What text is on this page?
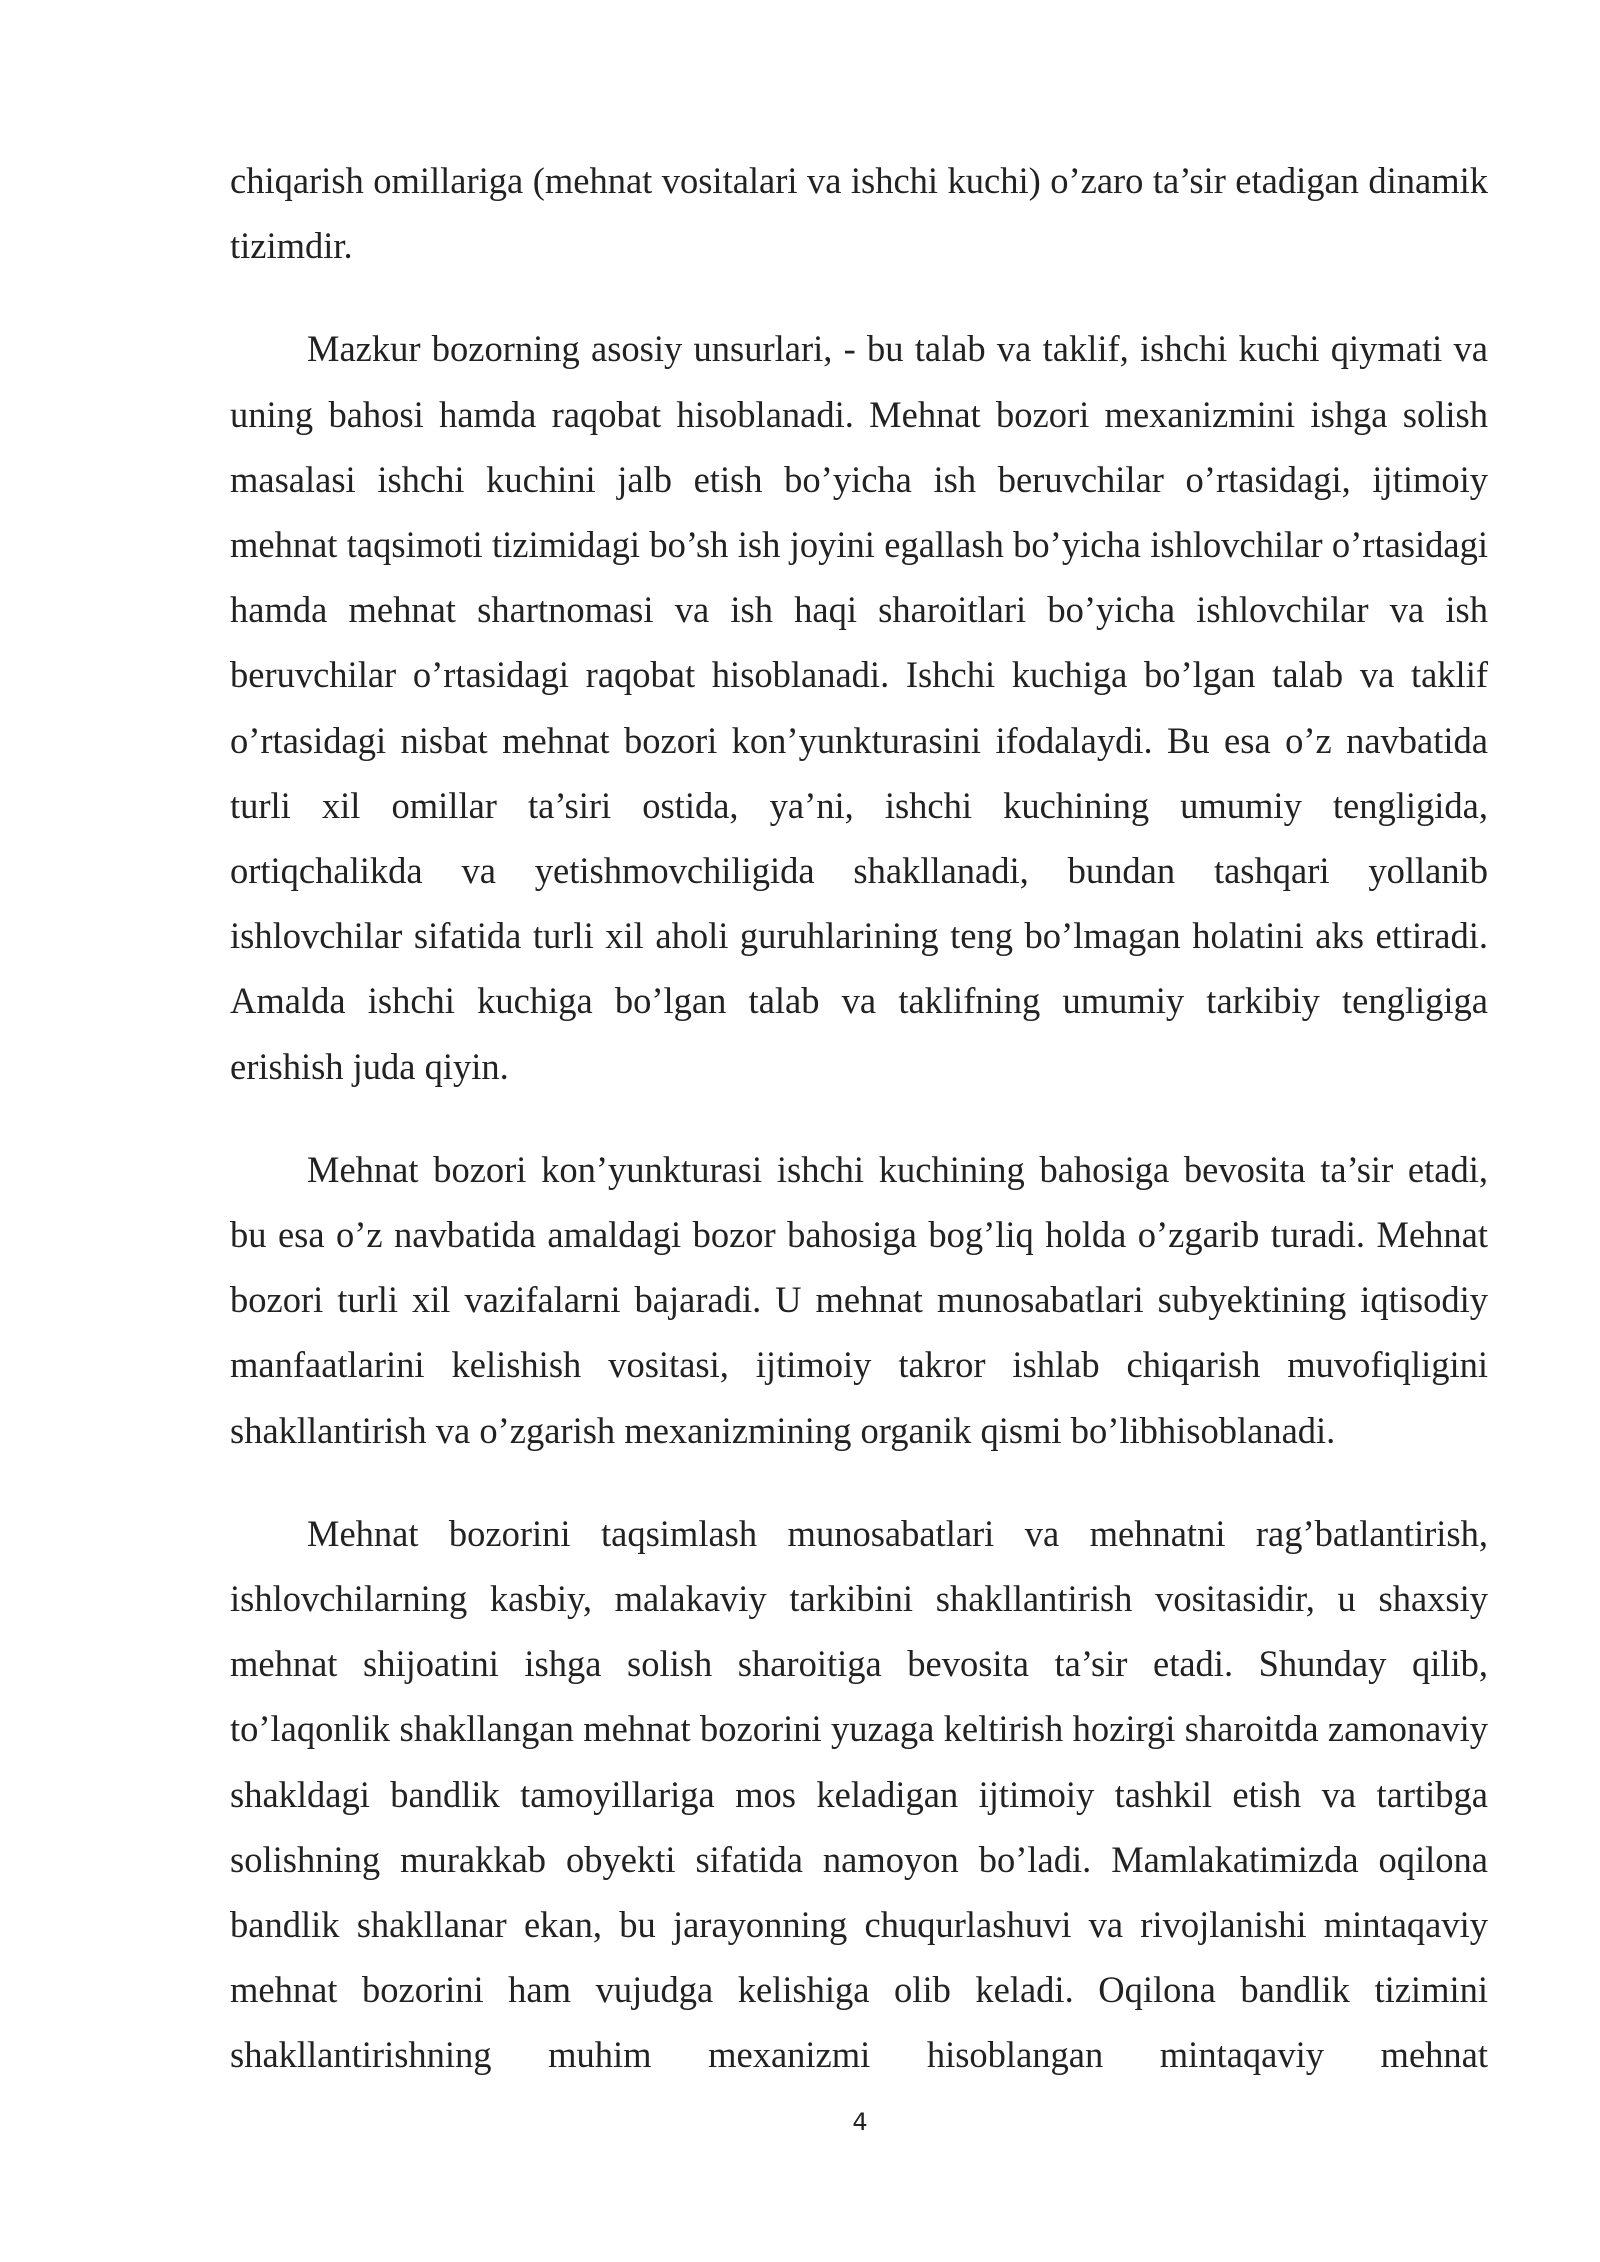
chiqarish omillariga (mehnat vositalari va ishchi kuchi) o’zaro ta’sir etadigan dinamik tizimdir.

Mazkur bozorning asosiy unsurlari, - bu talab va taklif, ishchi kuchi qiymati va uning bahosi hamda raqobat hisoblanadi. Mehnat bozori mexanizmini ishga solish masalasi ishchi kuchini jalb etish bo’yicha ish beruvchilar o’rtasidagi, ijtimoiy mehnat taqsimoti tizimidagi bo’sh ish joyini egallash bo’yicha ishlovchilar o’rtasidagi hamda mehnat shartnomasi va ish haqi sharoitlari bo’yicha ishlovchilar va ish beruvchilar o’rtasidagi raqobat hisoblanadi. Ishchi kuchiga bo’lgan talab va taklif o’rtasidagi nisbat mehnat bozori kon’yunkturasini ifodalaydi. Bu esa o’z navbatida turli xil omillar ta’siri ostida, ya’ni, ishchi kuchining umumiy tengligida, ortiqchalikda va yetishmovchiligida shakllanadi, bundan tashqari yollanib ishlovchilar sifatida turli xil aholi guruhlarining teng bo’lmagan holatini aks ettiradi. Amalda ishchi kuchiga bo’lgan talab va taklifning umumiy tarkibiy tengligiga erishish juda qiyin.

Mehnat bozori kon’yunkturasi ishchi kuchining bahosiga bevosita ta’sir etadi, bu esa o’z navbatida amaldagi bozor bahosiga bog’liq holda o’zgarib turadi. Mehnat bozori turli xil vazifalarni bajaradi. U mehnat munosabatlari subyektining iqtisodiy manfaatlarini kelishish vositasi, ijtimoiy takror ishlab chiqarish muvofiqligini shakllantirish va o’zgarish mexanizmining organik qismi bo’libhisoblanadi.

Mehnat bozorini taqsimlash munosabatlari va mehnatni rag’batlantirish, ishlovchilarning kasbiy, malakaviy tarkibini shakllantirish vositasidir, u shaxsiy mehnat shijoatini ishga solish sharoitiga bevosita ta’sir etadi. Shunday qilib, to’laqonlik shakllangan mehnat bozorini yuzaga keltirish hozirgi sharoitda zamonaviy shakldagi bandlik tamoyillariga mos keladigan ijtimoiy tashkil etish va tartibga solishning murakkab obyekti sifatida namoyon bo’ladi. Mamlakatimizda oqilona bandlik shakllanar ekan, bu jarayonning chuqurlashuvi va rivojlanishi mintaqaviy mehnat bozorini ham vujudga kelishiga olib keladi. Oqilona bandlik tizimini shakllantirishning muhim mexanizmi hisoblangan mintaqaviy mehnat

4
